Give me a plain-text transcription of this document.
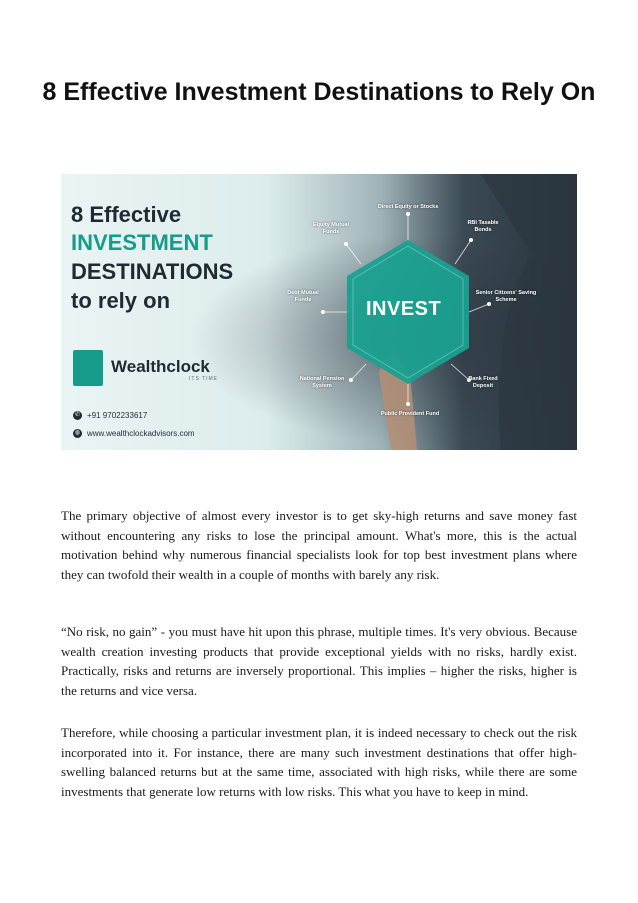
8 Effective Investment Destinations to Rely On
8 Effective
INVESTMENT
DESTINATIONS
to rely on
Wealthclock
ITS TIME
✆ +91 9702233617
◍ www.wealthclockadvisors.com
INVEST
Direct Equity or Stocks
Equity Mutual Funds
RBI Taxable Bonds
Debt Mutual Funds
Senior Citizens' Saving Scheme
National Pension System
Bank Fixed Deposit
Public Provident Fund

The primary objective of almost every investor is to get sky-high returns and save money fast without encountering any risks to lose the principal amount. What's more, this is the actual motivation behind why numerous financial specialists look for top best investment plans where they can twofold their wealth in a couple of months with barely any risk.

“No risk, no gain” - you must have hit upon this phrase, multiple times. It's very obvious. Because wealth creation investing products that provide exceptional yields with no risks, hardly exist. Practically, risks and returns are inversely proportional. This implies – higher the risks, higher is the returns and vice versa.

Therefore, while choosing a particular investment plan, it is indeed necessary to check out the risk incorporated into it. For instance, there are many such investment destinations that offer high-swelling balanced returns but at the same time, associated with high risks, while there are some investments that generate low returns with low risks. This what you have to keep in mind.
